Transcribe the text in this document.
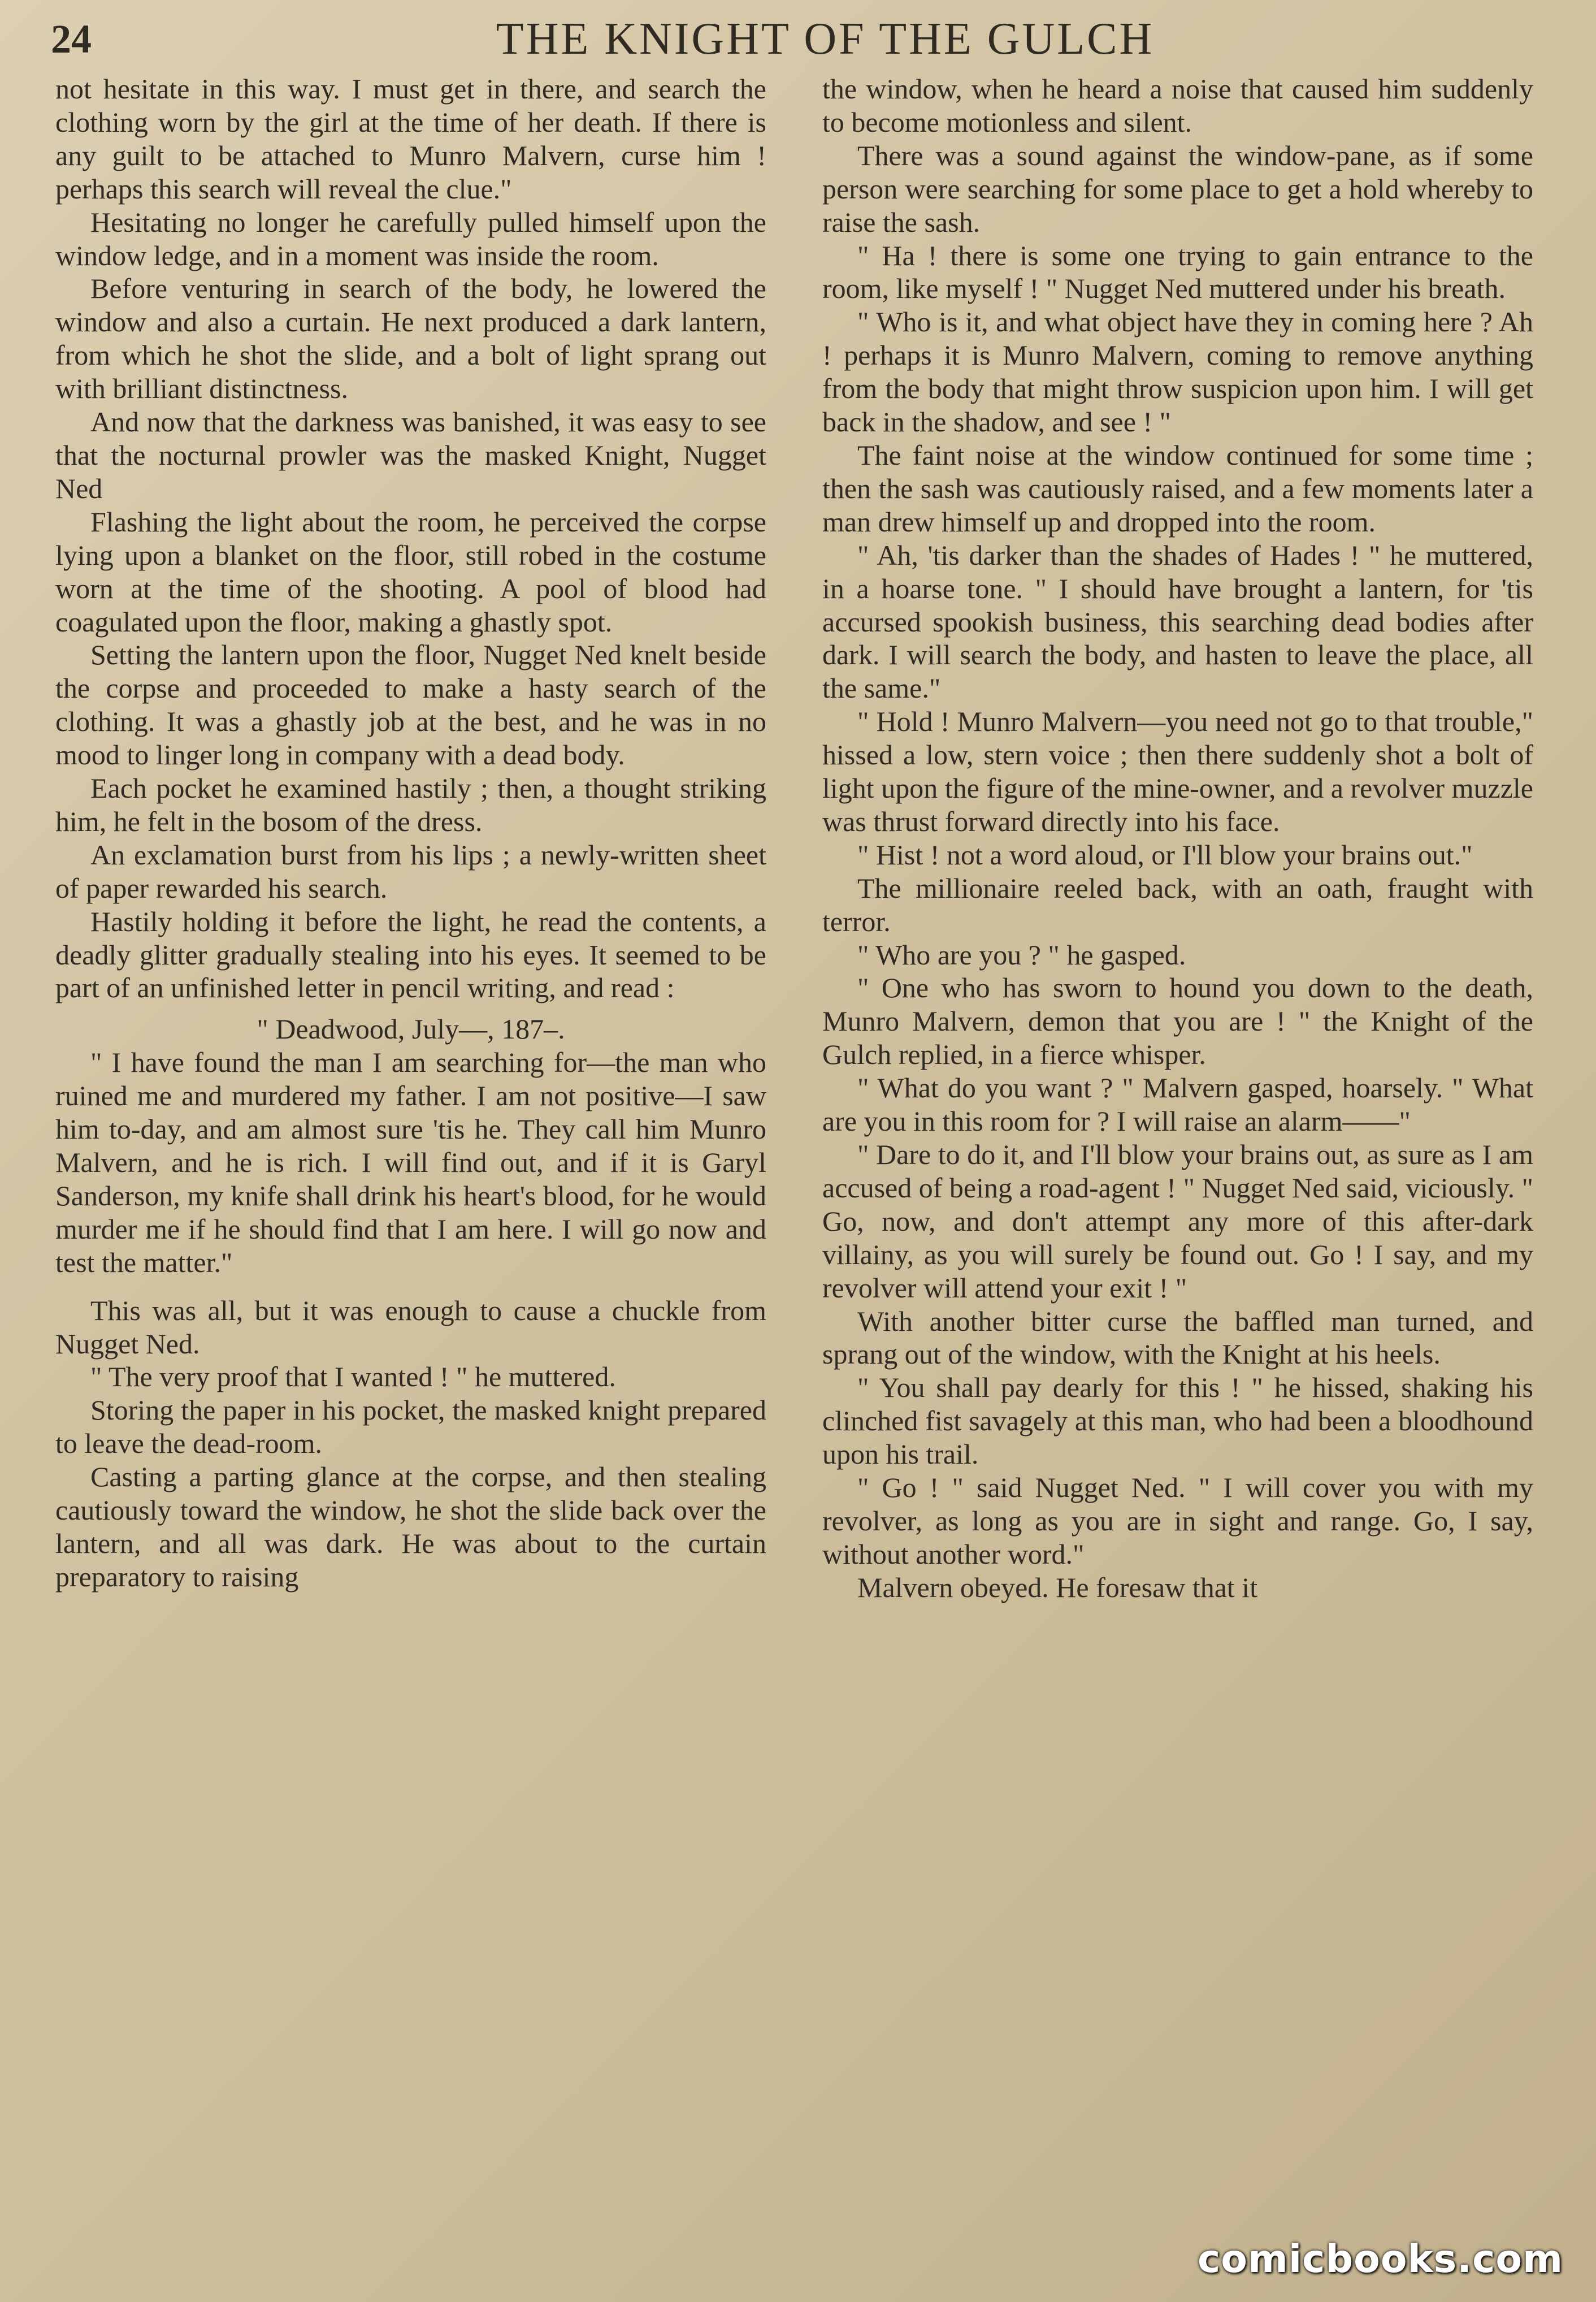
24	THE KNIGHT OF THE GULCH

not hesitate in this way. I must get in there, and search the clothing worn by the girl at the time of her death. If there is any guilt to be attached to Munro Malvern, curse him ! perhaps this search will reveal the clue."

Hesitating no longer he carefully pulled himself upon the window ledge, and in a moment was inside the room.

Before venturing in search of the body, he lowered the window and also a curtain. He next produced a dark lantern, from which he shot the slide, and a bolt of light sprang out with brilliant distinctness.

And now that the darkness was banished, it was easy to see that the nocturnal prowler was the masked Knight, Nugget Ned

Flashing the light about the room, he perceived the corpse lying upon a blanket on the floor, still robed in the costume worn at the time of the shooting. A pool of blood had coagulated upon the floor, making a ghastly spot.

Setting the lantern upon the floor, Nugget Ned knelt beside the corpse and proceeded to make a hasty search of the clothing. It was a ghastly job at the best, and he was in no mood to linger long in company with a dead body.

Each pocket he examined hastily ; then, a thought striking him, he felt in the bosom of the dress.

An exclamation burst from his lips ; a newly-written sheet of paper rewarded his search.

Hastily holding it before the light, he read the contents, a deadly glitter gradually stealing into his eyes. It seemed to be part of an unfinished letter in pencil writing, and read :

" Deadwood, July—, 187–.

" I have found the man I am searching for—the man who ruined me and murdered my father. I am not positive—I saw him to-day, and am almost sure 'tis he. They call him Munro Malvern, and he is rich. I will find out, and if it is Garyl Sanderson, my knife shall drink his heart's blood, for he would murder me if he should find that I am here. I will go now and test the matter."

This was all, but it was enough to cause a chuckle from Nugget Ned.

" The very proof that I wanted ! " he muttered.

Storing the paper in his pocket, the masked knight prepared to leave the dead-room.

Casting a parting glance at the corpse, and then stealing cautiously toward the window, he shot the slide back over the lantern, and all was dark. He was about to the curtain preparatory to raising

the window, when he heard a noise that caused him suddenly to become motionless and silent.

There was a sound against the window-pane, as if some person were searching for some place to get a hold whereby to raise the sash.

" Ha ! there is some one trying to gain entrance to the room, like myself ! " Nugget Ned muttered under his breath.

" Who is it, and what object have they in coming here ? Ah ! perhaps it is Munro Malvern, coming to remove anything from the body that might throw suspicion upon him. I will get back in the shadow, and see ! "

The faint noise at the window continued for some time ; then the sash was cautiously raised, and a few moments later a man drew himself up and dropped into the room.

" Ah, 'tis darker than the shades of Hades ! " he muttered, in a hoarse tone. " I should have brought a lantern, for 'tis accursed spookish business, this searching dead bodies after dark. I will search the body, and hasten to leave the place, all the same."

" Hold ! Munro Malvern—you need not go to that trouble," hissed a low, stern voice ; then there suddenly shot a bolt of light upon the figure of the mine-owner, and a revolver muzzle was thrust forward directly into his face.

" Hist ! not a word aloud, or I'll blow your brains out."

The millionaire reeled back, with an oath, fraught with terror.

" Who are you ? " he gasped.

" One who has sworn to hound you down to the death, Munro Malvern, demon that you are ! " the Knight of the Gulch replied, in a fierce whisper.

" What do you want ? " Malvern gasped, hoarsely. " What are you in this room for ? I will raise an alarm——"

" Dare to do it, and I'll blow your brains out, as sure as I am accused of being a road-agent ! " Nugget Ned said, viciously. " Go, now, and don't attempt any more of this after-dark villainy, as you will surely be found out. Go ! I say, and my revolver will attend your exit ! "

With another bitter curse the baffled man turned, and sprang out of the window, with the Knight at his heels.

" You shall pay dearly for this ! " he hissed, shaking his clinched fist savagely at this man, who had been a bloodhound upon his trail.

" Go ! " said Nugget Ned. " I will cover you with my revolver, as long as you are in sight and range. Go, I say, without another word."

Malvern obeyed. He foresaw that it

comicbooks.com
